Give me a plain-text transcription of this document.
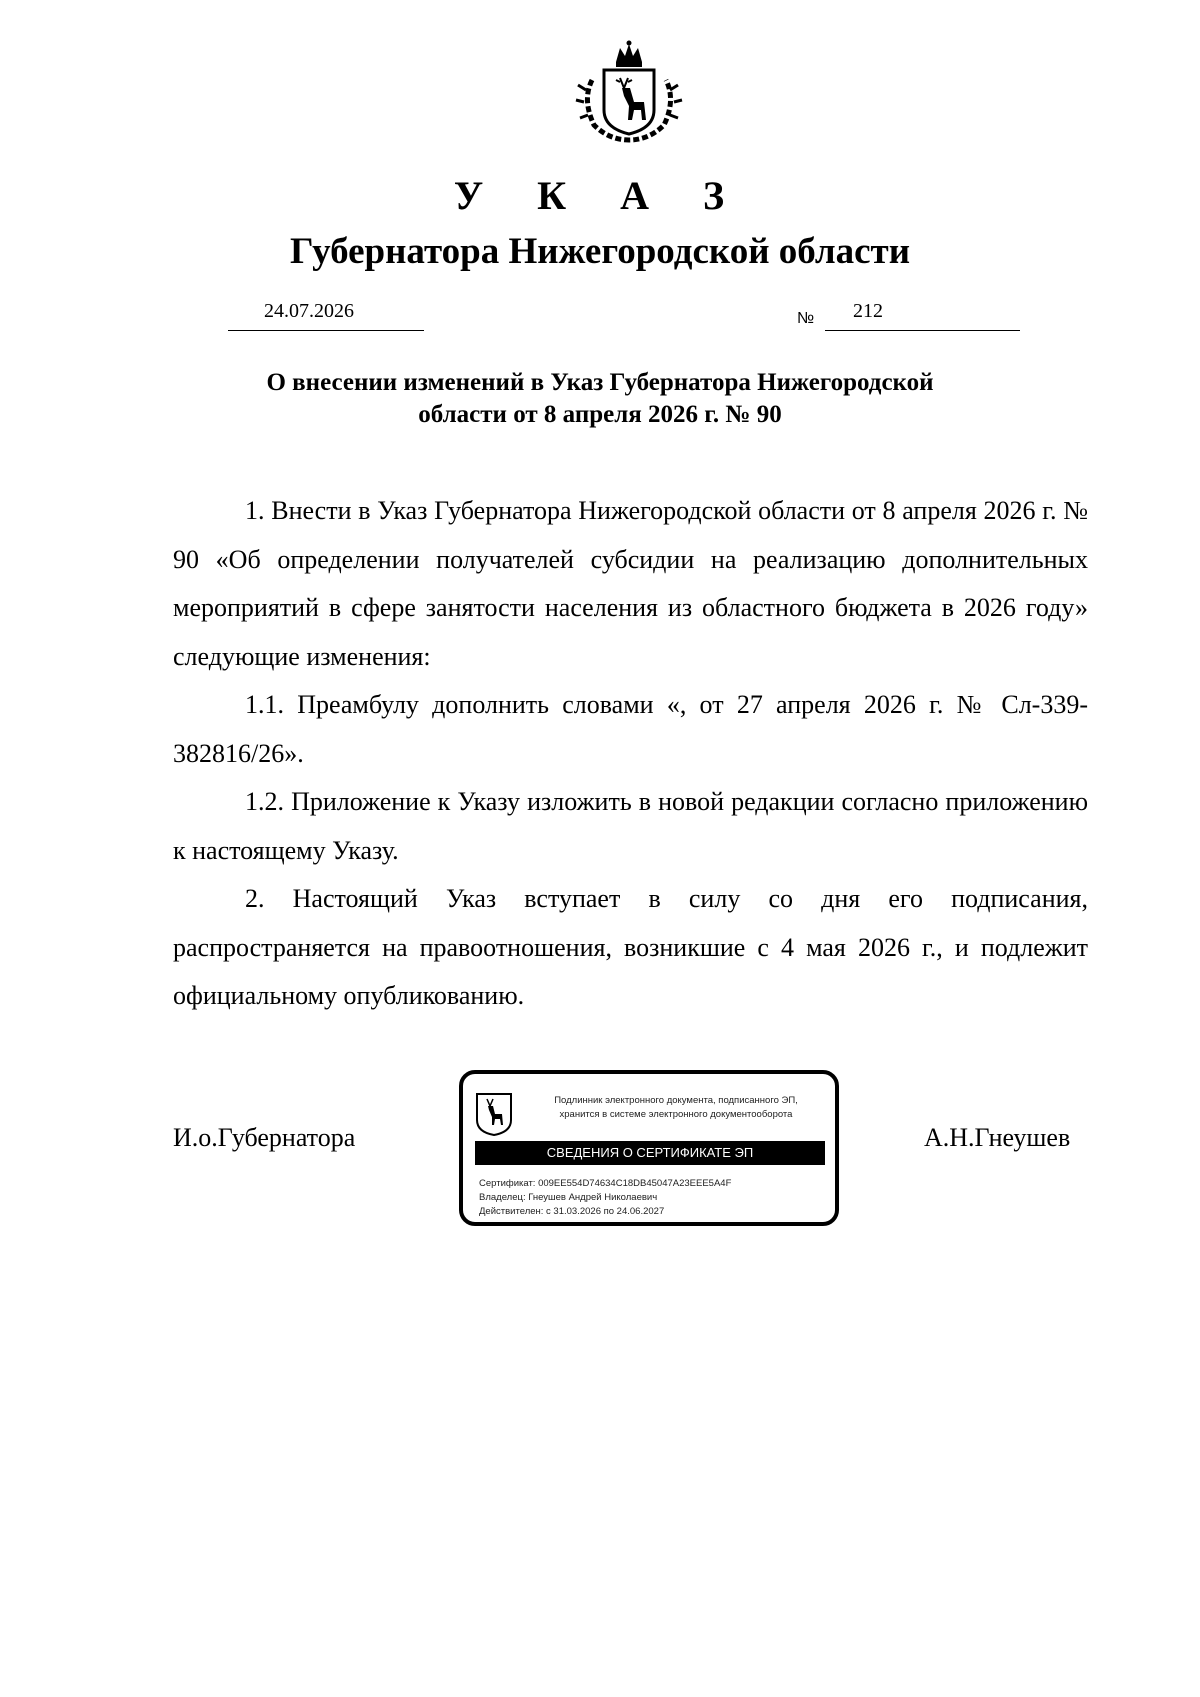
У К А З
Губернатора Нижегородской области
24.07.2026	№ 212
О внесении изменений в Указ Губернатора Нижегородской
области от 8 апреля 2026 г. № 90

1. Внести в Указ Губернатора Нижегородской области от 8 апреля 2026 г. № 90 «Об определении получателей субсидии на реализацию дополнительных мероприятий в сфере занятости населения из областного бюджета в 2026 году» следующие изменения:

1.1. Преамбулу дополнить словами «, от 27 апреля 2026 г. № Сл-339-382816/26».

1.2. Приложение к Указу изложить в новой редакции согласно приложению к настоящему Указу.

2. Настоящий Указ вступает в силу со дня его подписания, распространяется на правоотношения, возникшие с 4 мая 2026 г., и подлежит официальному опубликованию.

И.о.Губернатора	А.Н.Гнеушев
Подлинник электронного документа, подписанного ЭП,
хранится в системе электронного документооборота
СВЕДЕНИЯ О СЕРТИФИКАТЕ ЭП
Сертификат: 009EE554D74634C18DB45047A23EEE5A4F
Владелец: Гнеушев Андрей Николаевич
Действителен: с 31.03.2026 по 24.06.2027
